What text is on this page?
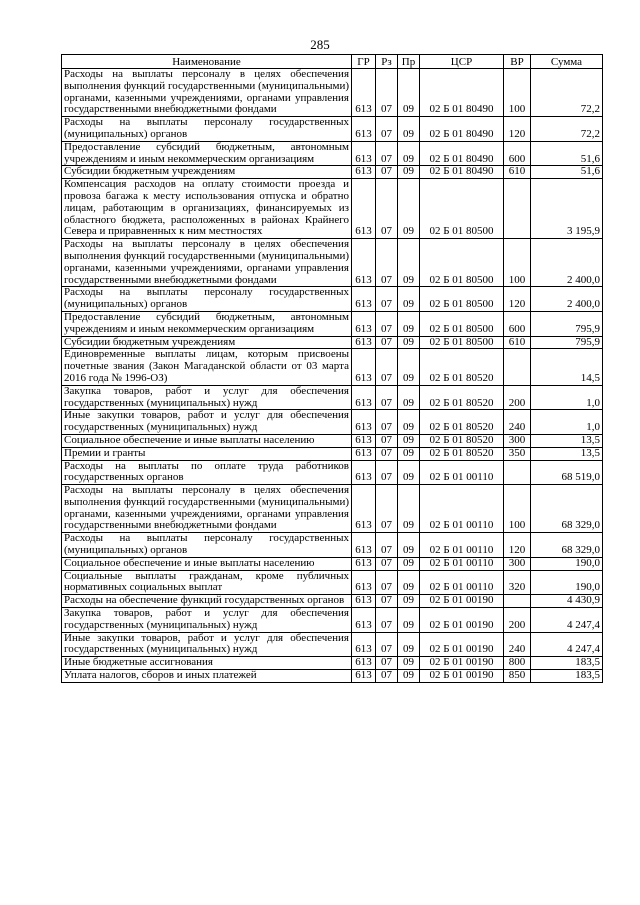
285
Наименование	ГР	Рз	Пр	ЦСР	ВР	Сумма
Расходы на выплаты персоналу в целях обеспечения выполнения функций государственными (муниципальными) органами, казенными учреждениями, органами управления государственными внебюджетными фондами	613	07	09	02 Б 01 80490	100	72,2
Расходы на выплаты персоналу государственных (муниципальных) органов	613	07	09	02 Б 01 80490	120	72,2
Предоставление субсидий бюджетным, автономным учреждениям и иным некоммерческим организациям	613	07	09	02 Б 01 80490	600	51,6
Субсидии бюджетным учреждениям	613	07	09	02 Б 01 80490	610	51,6
Компенсация расходов на оплату стоимости проезда и провоза багажа к месту использования отпуска и обратно лицам, работающим в организациях, финансируемых из областного бюджета, расположенных в районах Крайнего Севера и приравненных к ним местностях	613	07	09	02 Б 01 80500		3 195,9
Расходы на выплаты персоналу в целях обеспечения выполнения функций государственными (муниципальными) органами, казенными учреждениями, органами управления государственными внебюджетными фондами	613	07	09	02 Б 01 80500	100	2 400,0
Расходы на выплаты персоналу государственных (муниципальных) органов	613	07	09	02 Б 01 80500	120	2 400,0
Предоставление субсидий бюджетным, автономным учреждениям и иным некоммерческим организациям	613	07	09	02 Б 01 80500	600	795,9
Субсидии бюджетным учреждениям	613	07	09	02 Б 01 80500	610	795,9
Единовременные выплаты лицам, которым присвоены почетные звания (Закон Магаданской области от 03 марта 2016 года № 1996-ОЗ)	613	07	09	02 Б 01 80520		14,5
Закупка товаров, работ и услуг для обеспечения государственных (муниципальных) нужд	613	07	09	02 Б 01 80520	200	1,0
Иные закупки товаров, работ и услуг для обеспечения государственных (муниципальных) нужд	613	07	09	02 Б 01 80520	240	1,0
Социальное обеспечение и иные выплаты населению	613	07	09	02 Б 01 80520	300	13,5
Премии и гранты	613	07	09	02 Б 01 80520	350	13,5
Расходы на выплаты по оплате труда работников государственных органов	613	07	09	02 Б 01 00110		68 519,0
Расходы на выплаты персоналу в целях обеспечения выполнения функций государственными (муниципальными) органами, казенными учреждениями, органами управления государственными внебюджетными фондами	613	07	09	02 Б 01 00110	100	68 329,0
Расходы на выплаты персоналу государственных (муниципальных) органов	613	07	09	02 Б 01 00110	120	68 329,0
Социальное обеспечение и иные выплаты населению	613	07	09	02 Б 01 00110	300	190,0
Социальные выплаты гражданам, кроме публичных нормативных социальных выплат	613	07	09	02 Б 01 00110	320	190,0
Расходы на обеспечение функций государственных органов	613	07	09	02 Б 01 00190		4 430,9
Закупка товаров, работ и услуг для обеспечения государственных (муниципальных) нужд	613	07	09	02 Б 01 00190	200	4 247,4
Иные закупки товаров, работ и услуг для обеспечения государственных (муниципальных) нужд	613	07	09	02 Б 01 00190	240	4 247,4
Иные бюджетные ассигнования	613	07	09	02 Б 01 00190	800	183,5
Уплата налогов, сборов и иных платежей	613	07	09	02 Б 01 00190	850	183,5
